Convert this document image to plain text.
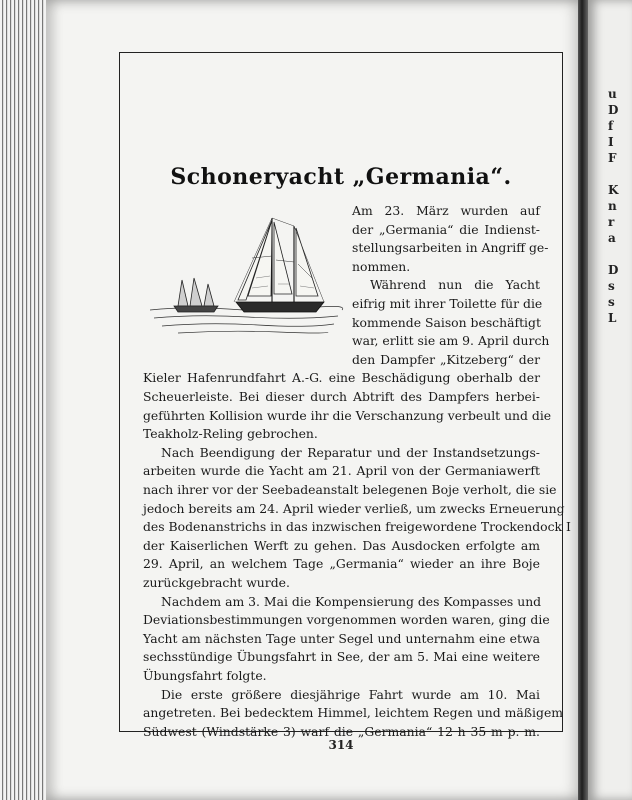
u
D
f
I
F
K
n
r
a
D
s
s
L
Schoneryacht „Germania“.
Am 23. März wurden auf
der „Germania“ die Indienst-
stellungsarbeiten in Angriff ge-
nommen.
Während nun die Yacht
eifrig mit ihrer Toilette für die
kommende Saison beschäftigt
war, erlitt sie am 9. April durch
den Dampfer „Kitzeberg“ der
Kieler Hafenrundfahrt A.-G. eine Beschädigung oberhalb der
Scheuerleiste. Bei dieser durch Abtrift des Dampfers herbei-
geführten Kollision wurde ihr die Verschanzung verbeult und die
Teakholz-Reling gebrochen.
Nach Beendigung der Reparatur und der Instandsetzungs-
arbeiten wurde die Yacht am 21. April von der Germaniawerft
nach ihrer vor der Seebadeanstalt belegenen Boje verholt, die sie
jedoch bereits am 24. April wieder verließ, um zwecks Erneuerung
des Bodenanstrichs in das inzwischen freigewordene Trockendock I
der Kaiserlichen Werft zu gehen. Das Ausdocken erfolgte am
29. April, an welchem Tage „Germania“ wieder an ihre Boje
zurückgebracht wurde.
Nachdem am 3. Mai die Kompensierung des Kompasses und
Deviationsbestimmungen vorgenommen worden waren, ging die
Yacht am nächsten Tage unter Segel und unternahm eine etwa
sechsstündige Übungsfahrt in See, der am 5. Mai eine weitere
Übungsfahrt folgte.
Die erste größere diesjährige Fahrt wurde am 10. Mai
angetreten. Bei bedecktem Himmel, leichtem Regen und mäßigem
Südwest (Windstärke 3) warf die „Germania“ 12 h 35 m p. m.
314
